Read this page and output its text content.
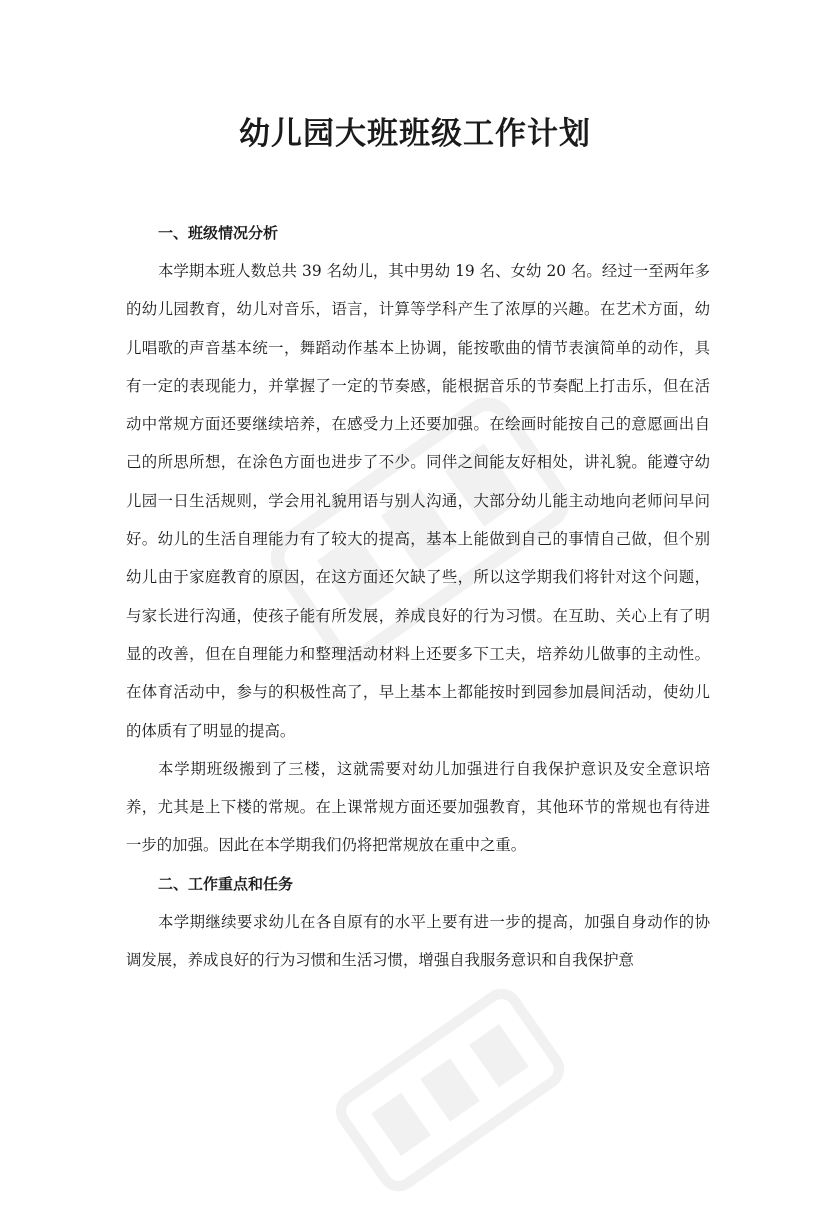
幼儿园大班班级工作计划
一、班级情况分析

本学期本班人数总共 39 名幼儿，其中男幼 19 名、女幼 20 名。经过一至两年多的幼儿园教育，幼儿对音乐，语言，计算等学科产生了浓厚的兴趣。在艺术方面，幼儿唱歌的声音基本统一，舞蹈动作基本上协调，能按歌曲的情节表演简单的动作，具有一定的表现能力，并掌握了一定的节奏感，能根据音乐的节奏配上打击乐，但在活动中常规方面还要继续培养，在感受力上还要加强。在绘画时能按自己的意愿画出自己的所思所想，在涂色方面也进步了不少。同伴之间能友好相处，讲礼貌。能遵守幼儿园一日生活规则，学会用礼貌用语与别人沟通，大部分幼儿能主动地向老师问早问好。幼儿的生活自理能力有了较大的提高，基本上能做到自己的事情自己做，但个别幼儿由于家庭教育的原因，在这方面还欠缺了些，所以这学期我们将针对这个问题，与家长进行沟通，使孩子能有所发展，养成良好的行为习惯。在互助、关心上有了明显的改善，但在自理能力和整理活动材料上还要多下工夫，培养幼儿做事的主动性。在体育活动中，参与的积极性高了，早上基本上都能按时到园参加晨间活动，使幼儿的体质有了明显的提高。

本学期班级搬到了三楼，这就需要对幼儿加强进行自我保护意识及安全意识培养，尤其是上下楼的常规。在上课常规方面还要加强教育，其他环节的常规也有待进一步的加强。因此在本学期我们仍将把常规放在重中之重。

二、工作重点和任务

本学期继续要求幼儿在各自原有的水平上要有进一步的提高，加强自身动作的协调发展，养成良好的行为习惯和生活习惯，增强自我服务意识和自我保护意
